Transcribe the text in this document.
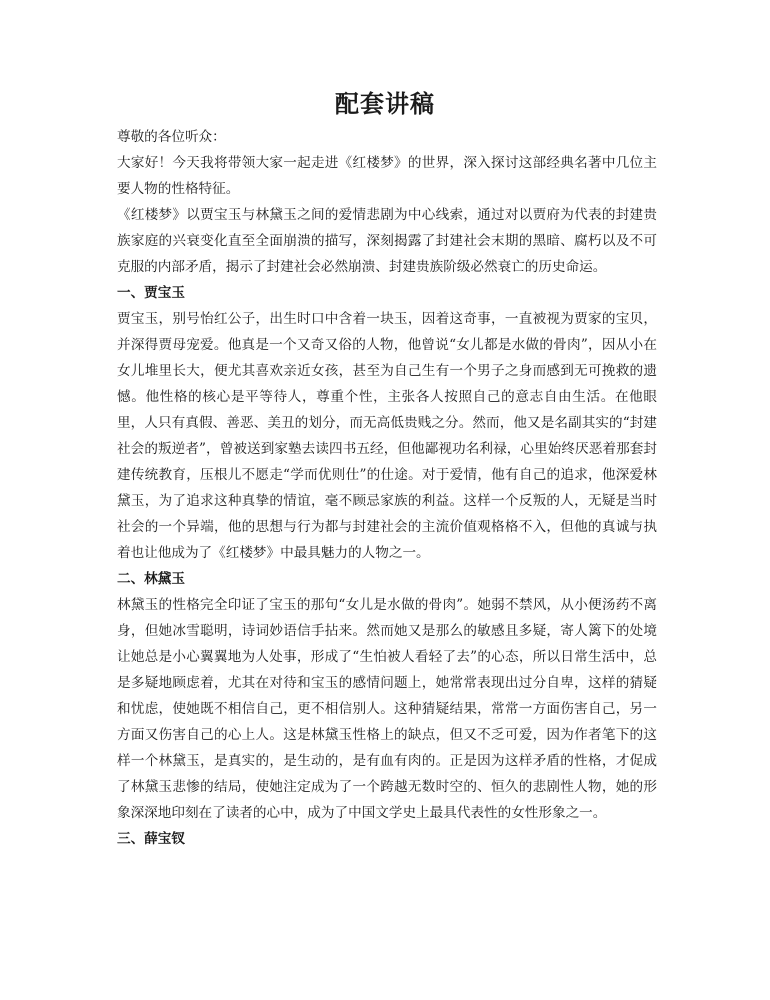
配套讲稿

尊敬的各位听众：

大家好！今天我将带领大家一起走进《红楼梦》的世界，深入探讨这部经典名著中几位主要人物的性格特征。

《红楼梦》以贾宝玉与林黛玉之间的爱情悲剧为中心线索，通过对以贾府为代表的封建贵族家庭的兴衰变化直至全面崩溃的描写，深刻揭露了封建社会末期的黑暗、腐朽以及不可克服的内部矛盾，揭示了封建社会必然崩溃、封建贵族阶级必然衰亡的历史命运。

一、贾宝玉

贾宝玉，别号怡红公子，出生时口中含着一块玉，因着这奇事，一直被视为贾家的宝贝，并深得贾母宠爱。他真是一个又奇又俗的人物，他曾说“女儿都是水做的骨肉”，因从小在女儿堆里长大，便尤其喜欢亲近女孩，甚至为自己生有一个男子之身而感到无可挽救的遗憾。他性格的核心是平等待人，尊重个性，主张各人按照自己的意志自由生活。在他眼里，人只有真假、善恶、美丑的划分，而无高低贵贱之分。然而，他又是名副其实的“封建社会的叛逆者”，曾被送到家塾去读四书五经，但他鄙视功名利禄，心里始终厌恶着那套封建传统教育，压根儿不愿走“学而优则仕”的仕途。对于爱情，他有自己的追求，他深爱林黛玉，为了追求这种真挚的情谊，毫不顾忌家族的利益。这样一个反叛的人，无疑是当时社会的一个异端，他的思想与行为都与封建社会的主流价值观格格不入，但他的真诚与执着也让他成为了《红楼梦》中最具魅力的人物之一。

二、林黛玉

林黛玉的性格完全印证了宝玉的那句“女儿是水做的骨肉”。她弱不禁风，从小便汤药不离身，但她冰雪聪明，诗词妙语信手拈来。然而她又是那么的敏感且多疑，寄人篱下的处境让她总是小心翼翼地为人处事，形成了“生怕被人看轻了去”的心态，所以日常生活中，总是多疑地顾虑着，尤其在对待和宝玉的感情问题上，她常常表现出过分自卑，这样的猜疑和忧虑，使她既不相信自己，更不相信别人。这种猜疑结果，常常一方面伤害自己，另一方面又伤害自己的心上人。这是林黛玉性格上的缺点，但又不乏可爱，因为作者笔下的这样一个林黛玉，是真实的，是生动的，是有血有肉的。正是因为这样矛盾的性格，才促成了林黛玉悲惨的结局，使她注定成为了一个跨越无数时空的、恒久的悲剧性人物，她的形象深深地印刻在了读者的心中，成为了中国文学史上最具代表性的女性形象之一。

三、薛宝钗
